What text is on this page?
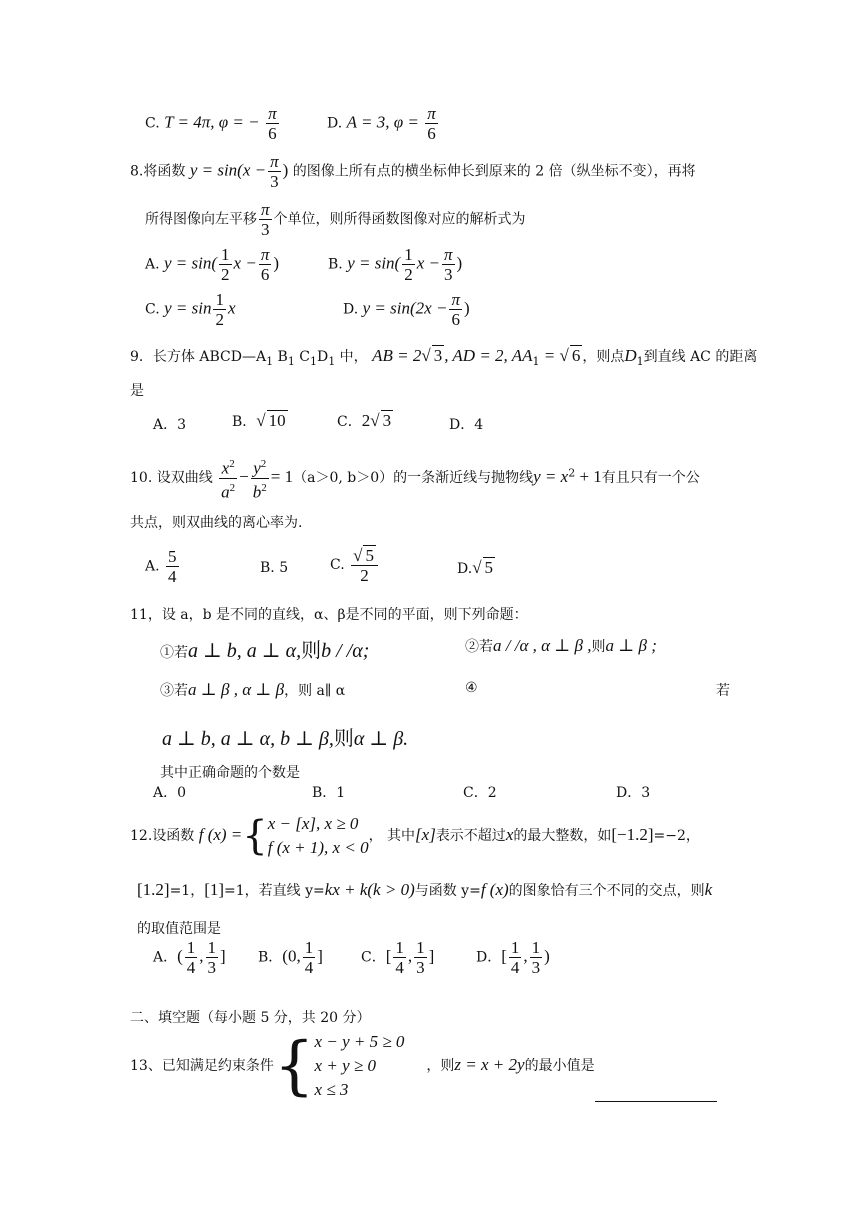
C. T = 4π, φ = − $\frac{\pi}{6}$	D. A = 3, $\varphi = \frac{\pi}{6}$
8.将函数 $y = \sin(x - \frac{\pi}{3}$ ) 的图像上所有点的横坐标伸长到原来的 2 倍（纵坐标不变），再将
所得图像向左平移 $\frac{\pi}{3}$ 个单位，则所得函数图像对应的解析式为
A. $y = \sin( \frac{1}{2}$ $x - \frac{\pi}{6}$ )	B. $y = \sin( \frac{1}{2}$ $x - \frac{\pi}{3}$ )
C. $y = \sin \frac{1}{2}$ x	D. $y = \sin(2x - \frac{\pi}{6}$ )
9．长方体 $ABCD—A_1$ $B_1$ $C_1D_1$ 中， AB = 2√ 3 , AD = 2, $AA_1$ = √ 6 ，则点$D_1$到直线 AC 的距离
是
A．3	B．√ 10	C．2√ 3	D．4
10. 设双曲线 $\frac{x^2}{a^2} - \frac{y^2}{b^2} = 1(a>0$, b＞0）的一条渐近线与抛物线$y = x^2 + 1$有且只有一个公
共点，则双曲线的离心率为.
A. $\frac{5}{4}$	B. 5	C. $\frac{√ 5}{2}$	D.√ 5
11，设 a，b 是不同的直线，α、β是不同的平面，则下列命题：
①若a ⊥ b, a ⊥ α,则b / /α;	②若a / /α , α ⊥ β ,则a ⊥ β ;
③若a ⊥ β , α ⊥ β，则 a∥ α	④	若
a ⊥ b, a ⊥ α, b ⊥ β,则α ⊥ β.
其中正确命题的个数是
A．0	B．1	C．2	D．3
12.设函数 f (x) ={ x − [x], x ≥ 0
f (x + 1), x < 0
， 其中[x]表示不超过x的最大整数，如[−1.2]=−2，
[1.2]=1，[1]=1，若直线 y=kx + k(k > 0)与函数 y=f (x)的图象恰有三个不同的交点，则k
的取值范围是
A．( $\frac{1}{4}$ , $\frac{1}{3}$ ] B．(0, $\frac{1}{4}$ ]	C．[ $\frac{1}{4}$ , $\frac{1}{3}$ ]	D．[ $\frac{1}{4}$ , $\frac{1}{3}$ )
二、填空题（每小题 5 分，共 20 分）
13、已知满足约束条件{ x − y + 5 ≥ 0
x + y ≥ 0
x ≤ 3
，则z = x + 2y的最小值是
